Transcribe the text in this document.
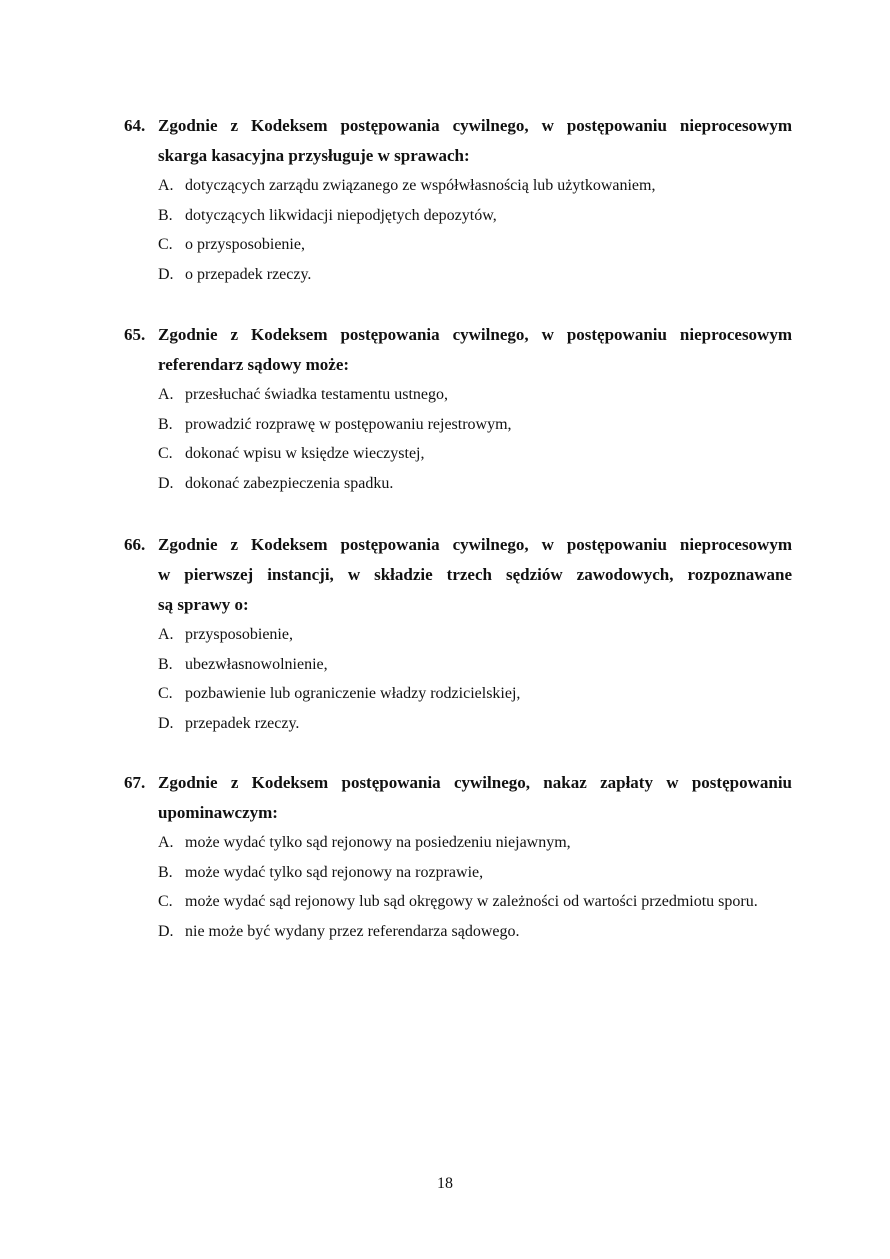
64. Zgodnie z Kodeksem postępowania cywilnego, w postępowaniu nieprocesowym
skarga kasacyjna przysługuje w sprawach:
A. dotyczących zarządu związanego ze współwłasnością lub użytkowaniem,
B. dotyczących likwidacji niepodjętych depozytów,
C. o przysposobienie,
D. o przepadek rzeczy.
65. Zgodnie z Kodeksem postępowania cywilnego, w postępowaniu nieprocesowym
referendarz sądowy może:
A. przesłuchać świadka testamentu ustnego,
B. prowadzić rozprawę w postępowaniu rejestrowym,
C. dokonać wpisu w księdze wieczystej,
D. dokonać zabezpieczenia spadku.
66. Zgodnie z Kodeksem postępowania cywilnego, w postępowaniu nieprocesowym
w pierwszej instancji, w składzie trzech sędziów zawodowych, rozpoznawane
są sprawy o:
A. przysposobienie,
B. ubezwłasnowolnienie,
C. pozbawienie lub ograniczenie władzy rodzicielskiej,
D. przepadek rzeczy.
67. Zgodnie z Kodeksem postępowania cywilnego, nakaz zapłaty w postępowaniu
upominawczym:
A. może wydać tylko sąd rejonowy na posiedzeniu niejawnym,
B. może wydać tylko sąd rejonowy na rozprawie,
C. może wydać sąd rejonowy lub sąd okręgowy w zależności od wartości przedmiotu sporu.
D. nie może być wydany przez referendarza sądowego.
18
